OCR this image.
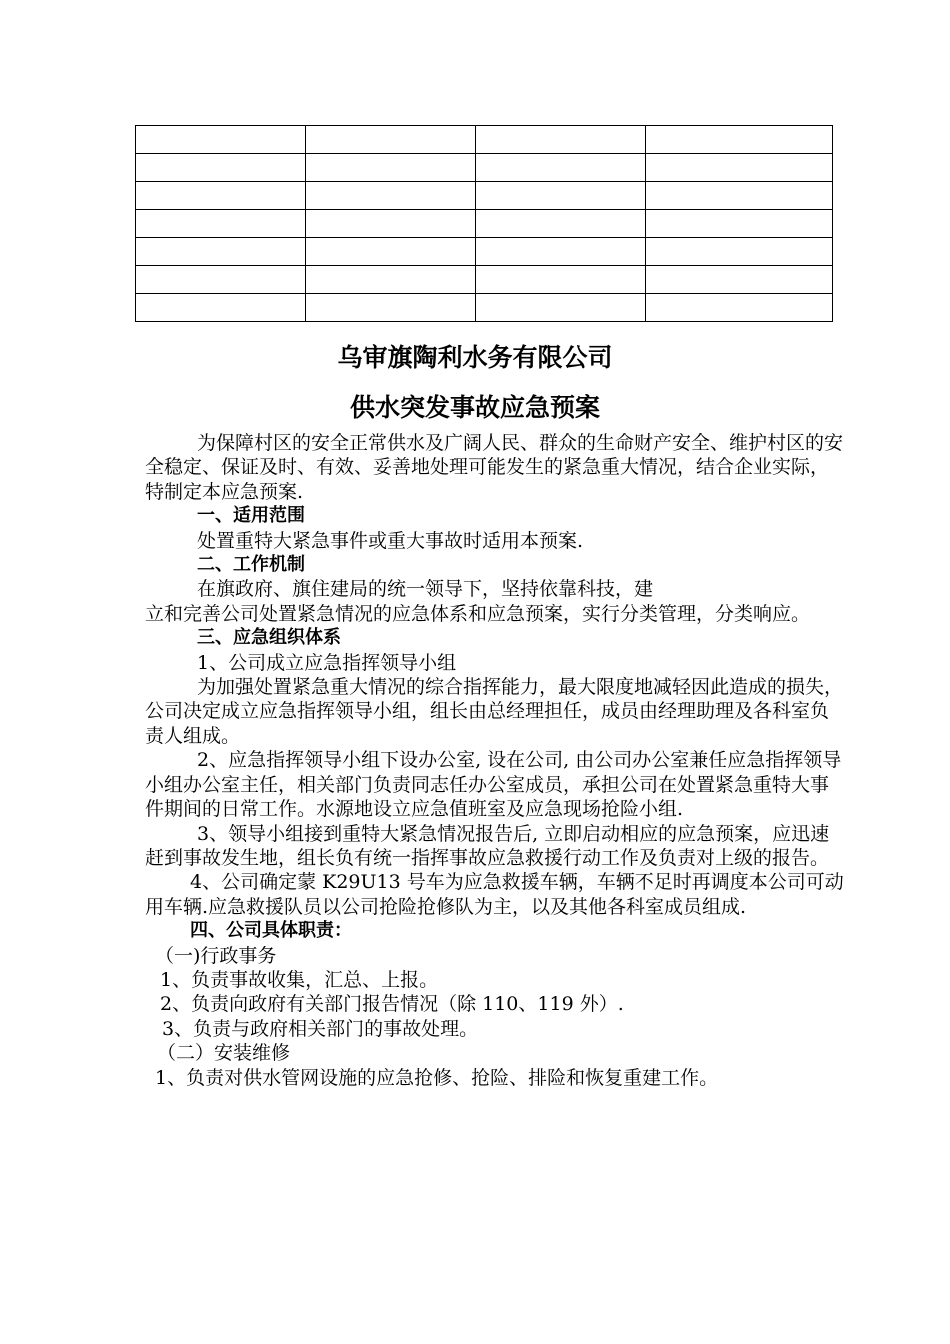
乌审旗陶利水务有限公司
供水突发事故应急预案

为保障村区的安全正常供水及广阔人民、群众的生命财产安全、维护村区的安全稳定、保证及时、有效、妥善地处理可能发生的紧急重大情况，结合企业实际，特制定本应急预案.

一、适用范围

处置重特大紧急事件或重大事故时适用本预案.

二、工作机制

在旗政府、旗住建局的统一领导下，坚持依靠科技，建

立和完善公司处置紧急情况的应急体系和应急预案，实行分类管理，分类响应。

三、应急组织体系

1、公司成立应急指挥领导小组

为加强处置紧急重大情况的综合指挥能力，最大限度地减轻因此造成的损失，公司决定成立应急指挥领导小组，组长由总经理担任，成员由经理助理及各科室负责人组成。

2、应急指挥领导小组下设办公室, 设在公司, 由公司办公室兼任应急指挥领导小组办公室主任，相关部门负责同志任办公室成员，承担公司在处置紧急重特大事件期间的日常工作。水源地设立应急值班室及应急现场抢险小组.

3、领导小组接到重特大紧急情况报告后, 立即启动相应的应急预案，应迅速赶到事故发生地，组长负有统一指挥事故应急救援行动工作及负责对上级的报告。

4、公司确定蒙 K29U13 号车为应急救援车辆，车辆不足时再调度本公司可动用车辆.应急救援队员以公司抢险抢修队为主，以及其他各科室成员组成.

四、公司具体职责：

（一)行政事务

1、负责事故收集，汇总、上报。

2、负责向政府有关部门报告情况（除 110、119 外）.

3、负责与政府相关部门的事故处理。

（二）安装维修

1、负责对供水管网设施的应急抢修、抢险、排险和恢复重建工作。
